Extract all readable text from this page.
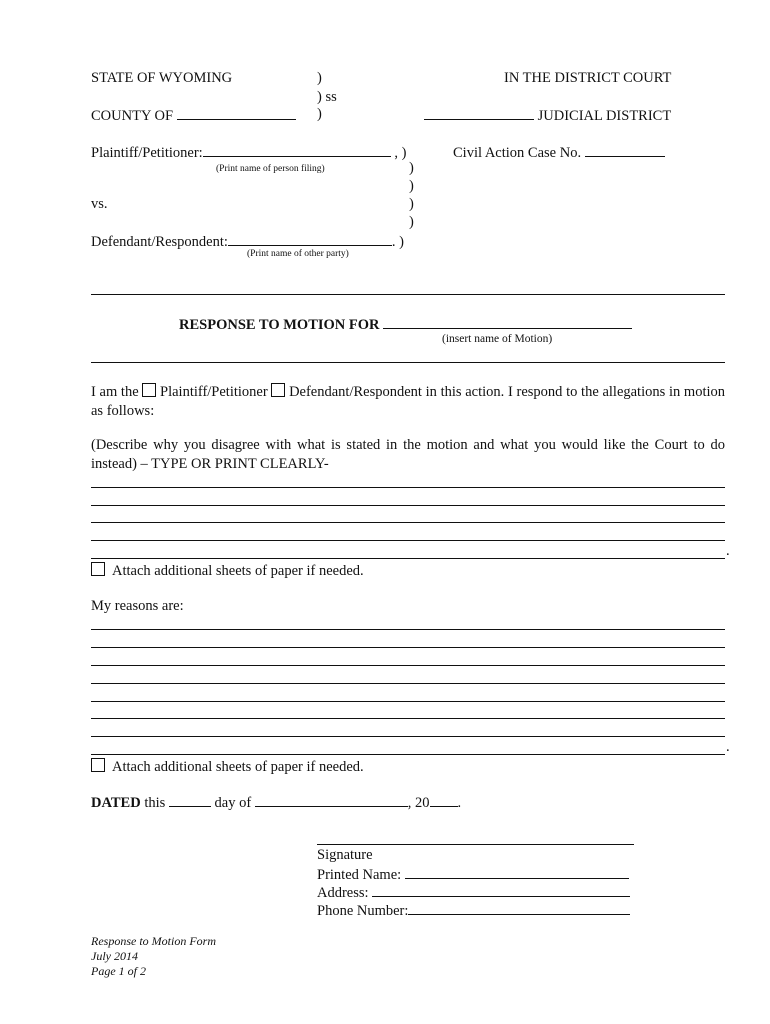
STATE OF WYOMING	)	IN THE DISTRICT COURT
) ss
COUNTY OF	)	JUDICIAL DISTRICT
Plaintiff/Petitioner:	, )
(Print name of person filing)
Civil Action Case No.
)
)
vs.	)
)
Defendant/Respondent:	. )
(Print name of other party)
RESPONSE TO MOTION FOR
(insert name of Motion)
I am the Plaintiff/Petitioner Defendant/Respondent in this action. I respond to the allegations in motion as follows:
(Describe why you disagree with what is stated in the motion and what you would like the Court to do instead) – TYPE OR PRINT CLEARLY-
.
Attach additional sheets of paper if needed.
My reasons are:
.
Attach additional sheets of paper if needed.
DATED this	day of	, 20 .
Signature
Printed Name:
Address:
Phone Number:
Response to Motion Form
July 2014
Page 1 of 2
